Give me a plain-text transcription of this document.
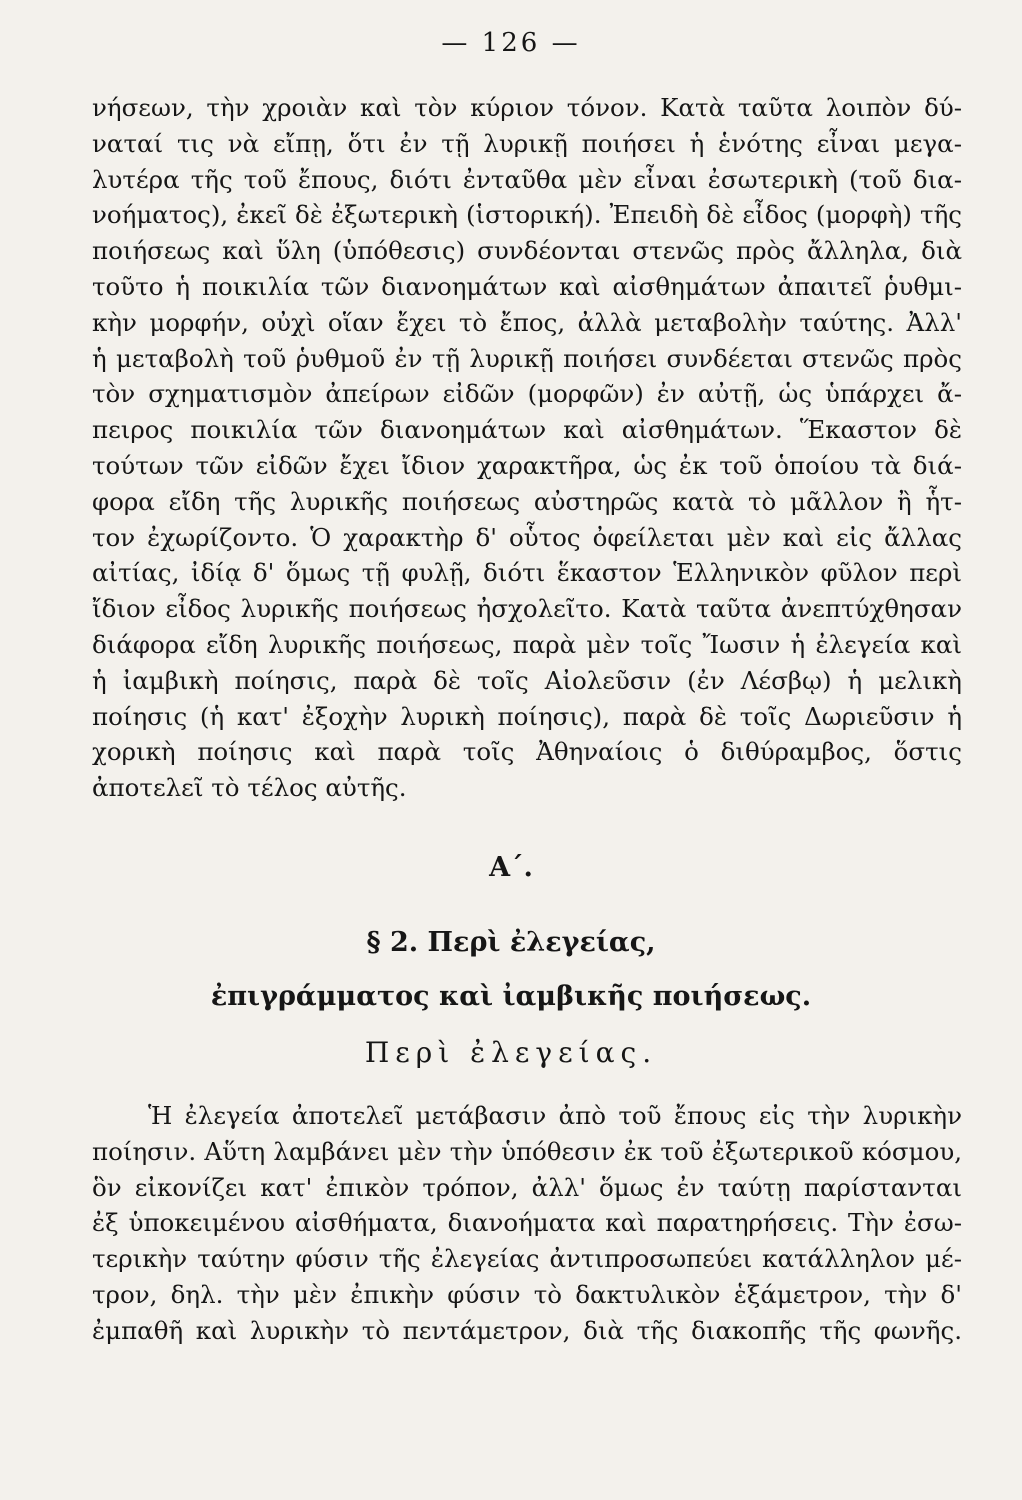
— 126 —
νήσεων, τὴν χροιὰν καὶ τὸν κύριον τόνον. Κατὰ ταῦτα λοιπὸν δύ-
ναταί τις νὰ εἴπῃ, ὅτι ἐν τῇ λυρικῇ ποιήσει ἡ ἑνότης εἶναι μεγα-
λυτέρα τῆς τοῦ ἔπους, διότι ἐνταῦθα μὲν εἶναι ἐσωτερικὴ (τοῦ δια-
νοήματος), ἐκεῖ δὲ ἐξωτερικὴ (ἱστορική). Ἐπειδὴ δὲ εἶδος (μορφὴ) τῆς
ποιήσεως καὶ ὕλη (ὑπόθεσις) συνδέονται στενῶς πρὸς ἄλληλα, διὰ
τοῦτο ἡ ποικιλία τῶν διανοημάτων καὶ αἰσθημάτων ἀπαιτεῖ ῥυθμι-
κὴν μορφήν, οὐχὶ οἵαν ἔχει τὸ ἔπος, ἀλλὰ μεταβολὴν ταύτης. Ἀλλ'
ἡ μεταβολὴ τοῦ ῥυθμοῦ ἐν τῇ λυρικῇ ποιήσει συνδέεται στενῶς πρὸς
τὸν σχηματισμὸν ἀπείρων εἰδῶν (μορφῶν) ἐν αὐτῇ, ὡς ὑπάρχει ἄ-
πειρος ποικιλία τῶν διανοημάτων καὶ αἰσθημάτων. Ἕκαστον δὲ
τούτων τῶν εἰδῶν ἔχει ἴδιον χαρακτῆρα, ὡς ἐκ τοῦ ὁποίου τὰ διά-
φορα εἴδη τῆς λυρικῆς ποιήσεως αὐστηρῶς κατὰ τὸ μᾶλλον ἢ ἧτ-
τον ἐχωρίζοντο. Ὁ χαρακτὴρ δ' οὗτος ὀφείλεται μὲν καὶ εἰς ἄλλας
αἰτίας, ἰδίᾳ δ' ὅμως τῇ φυλῇ, διότι ἕκαστον Ἑλληνικὸν φῦλον περὶ
ἴδιον εἶδος λυρικῆς ποιήσεως ἠσχολεῖτο. Κατὰ ταῦτα ἀνεπτύχθησαν
διάφορα εἴδη λυρικῆς ποιήσεως, παρὰ μὲν τοῖς Ἴωσιν ἡ ἐλεγεία καὶ
ἡ ἰαμβικὴ ποίησις, παρὰ δὲ τοῖς Αἰολεῦσιν (ἐν Λέσβῳ) ἡ μελικὴ
ποίησις (ἡ κατ' ἐξοχὴν λυρικὴ ποίησις), παρὰ δὲ τοῖς Δωριεῦσιν ἡ
χορικὴ ποίησις καὶ παρὰ τοῖς Ἀθηναίοις ὁ διθύραμβος, ὅστις
ἀποτελεῖ τὸ τέλος αὐτῆς.
Α΄.
§ 2. Περὶ ἐλεγείας,
ἐπιγράμματος καὶ ἰαμβικῆς ποιήσεως.
Περὶ ἐλεγείας.
Ἡ ἐλεγεία ἀποτελεῖ μετάβασιν ἀπὸ τοῦ ἔπους εἰς τὴν λυρικὴν
ποίησιν. Αὕτη λαμβάνει μὲν τὴν ὑπόθεσιν ἐκ τοῦ ἐξωτερικοῦ κόσμου,
ὃν εἰκονίζει κατ' ἐπικὸν τρόπον, ἀλλ' ὅμως ἐν ταύτῃ παρίστανται
ἐξ ὑποκειμένου αἰσθήματα, διανοήματα καὶ παρατηρήσεις. Τὴν ἐσω-
τερικὴν ταύτην φύσιν τῆς ἐλεγείας ἀντιπροσωπεύει κατάλληλον μέ-
τρον, δηλ. τὴν μὲν ἐπικὴν φύσιν τὸ δακτυλικὸν ἑξάμετρον, τὴν δ'
ἐμπαθῆ καὶ λυρικὴν τὸ πεντάμετρον, διὰ τῆς διακοπῆς τῆς φωνῆς.
